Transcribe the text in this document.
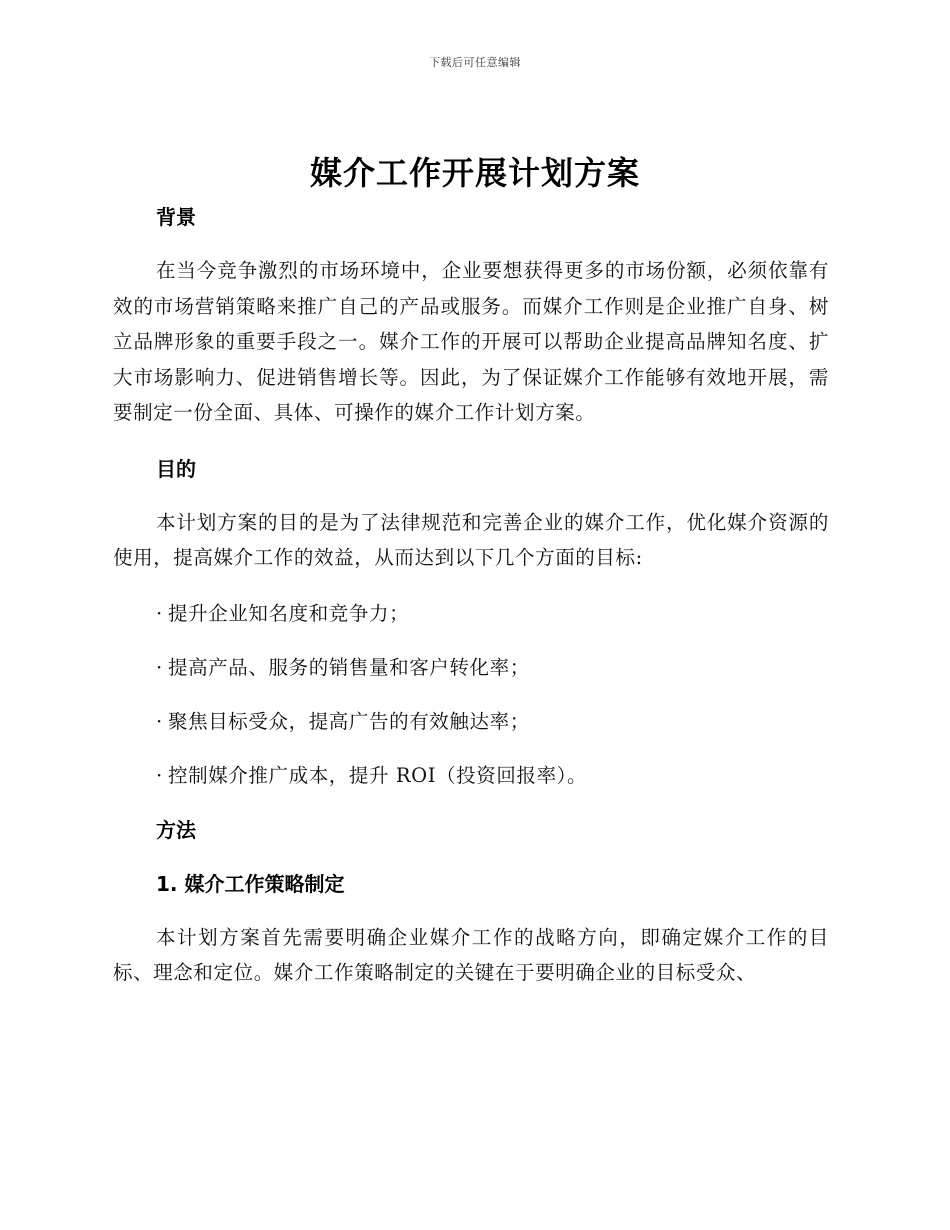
下载后可任意编辑
媒介工作开展计划方案

背景

在当今竞争激烈的市场环境中，企业要想获得更多的市场份额，必须依靠有效的市场营销策略来推广自己的产品或服务。而媒介工作则是企业推广自身、树立品牌形象的重要手段之一。媒介工作的开展可以帮助企业提高品牌知名度、扩大市场影响力、促进销售增长等。因此，为了保证媒介工作能够有效地开展，需要制定一份全面、具体、可操作的媒介工作计划方案。

目的

本计划方案的目的是为了法律规范和完善企业的媒介工作，优化媒介资源的使用，提高媒介工作的效益，从而达到以下几个方面的目标:

· 提升企业知名度和竞争力；

· 提高产品、服务的销售量和客户转化率；

· 聚焦目标受众，提高广告的有效触达率；

· 控制媒介推广成本，提升 ROI（投资回报率）。

方法

1. 媒介工作策略制定

本计划方案首先需要明确企业媒介工作的战略方向，即确定媒介工作的目标、理念和定位。媒介工作策略制定的关键在于要明确企业的目标受众、
